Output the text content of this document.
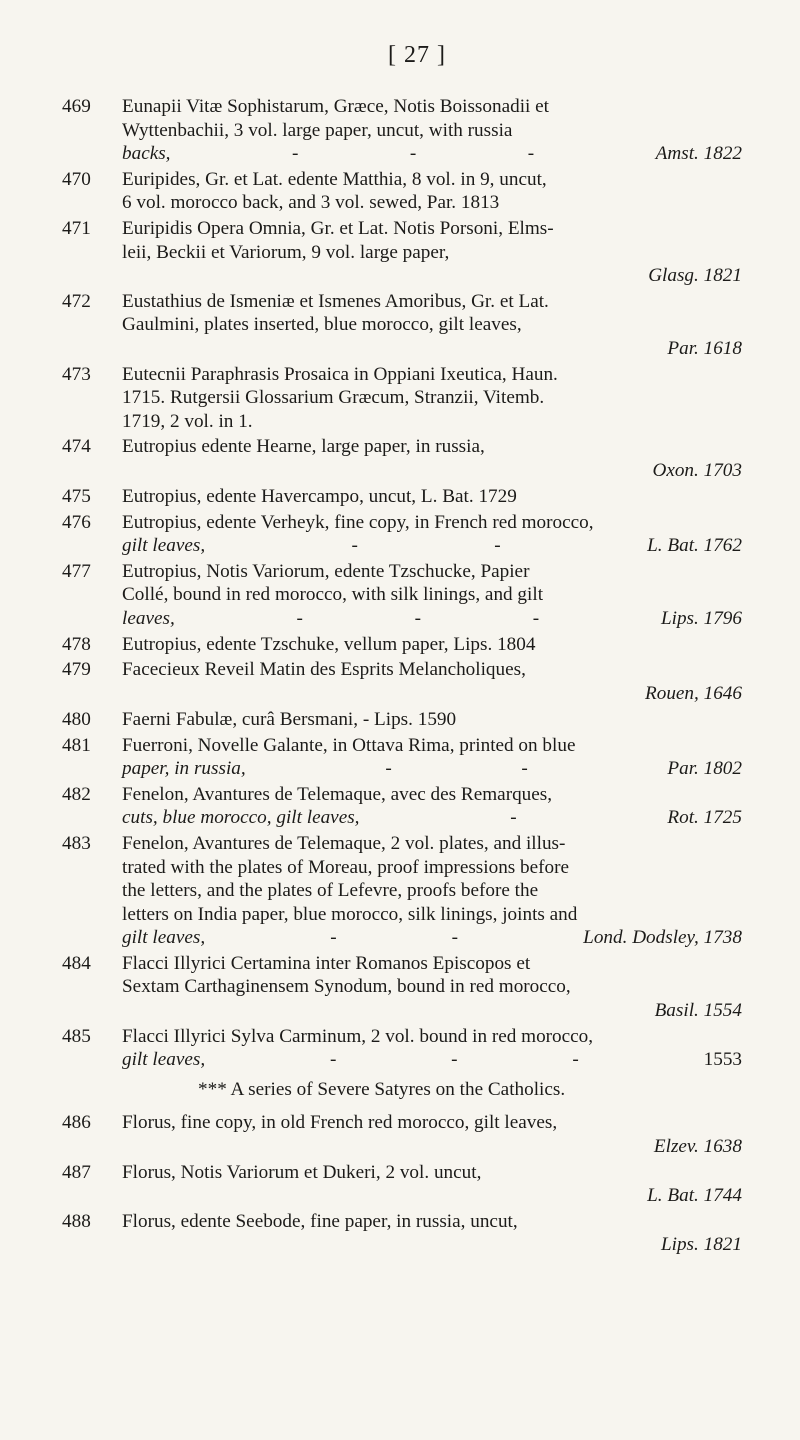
[ 27 ]
469	Eunapii Vitæ Sophistarum, Græce, Notis Boissonadii et
Wyttenbachii, 3 vol. large paper, uncut, with russia
backs,	-	-	-	Amst. 1822
470	Euripides, Gr. et Lat. edente Matthia, 8 vol. in 9, uncut,
6 vol. morocco back, and 3 vol. sewed, Par. 1813
471	Euripidis Opera Omnia, Gr. et Lat. Notis Porsoni, Elms-
leii, Beckii et Variorum, 9 vol. large paper,
Glasg. 1821
472	Eustathius de Ismeniæ et Ismenes Amoribus, Gr. et Lat.
Gaulmini, plates inserted, blue morocco, gilt leaves,
Par. 1618
473	Eutecnii Paraphrasis Prosaica in Oppiani Ixeutica, Haun.
1715. Rutgersii Glossarium Græcum, Stranzii, Vitemb.
1719, 2 vol. in 1.
474	Eutropius edente Hearne, large paper, in russia,
Oxon. 1703
475	Eutropius, edente Havercampo, uncut, L. Bat. 1729
476	Eutropius, edente Verheyk, fine copy, in French red morocco,
gilt leaves,	-	-	L. Bat. 1762
477	Eutropius, Notis Variorum, edente Tzschucke, Papier
Collé, bound in red morocco, with silk linings, and gilt
leaves,	-	-	-	Lips. 1796
478	Eutropius, edente Tzschuke, vellum paper, Lips. 1804
479	Facecieux Reveil Matin des Esprits Melancholiques,
Rouen, 1646
480	Faerni Fabulæ, curâ Bersmani, - Lips. 1590
481	Fuerroni, Novelle Galante, in Ottava Rima, printed on blue
paper, in russia,	-	-	Par. 1802
482	Fenelon, Avantures de Telemaque, avec des Remarques,
cuts, blue morocco, gilt leaves,	-	Rot. 1725
483	Fenelon, Avantures de Telemaque, 2 vol. plates, and illus-
trated with the plates of Moreau, proof impressions before
the letters, and the plates of Lefevre, proofs before the
letters on India paper, blue morocco, silk linings, joints and
gilt leaves,	-	-	Lond. Dodsley, 1738
484	Flacci Illyrici Certamina inter Romanos Episcopos et
Sextam Carthaginensem Synodum, bound in red morocco,
Basil. 1554
485	Flacci Illyrici Sylva Carminum, 2 vol. bound in red morocco,
gilt leaves,	-	-	-	1553
*** A series of Severe Satyres on the Catholics.
486	Florus, fine copy, in old French red morocco, gilt leaves,
Elzev. 1638
487	Florus, Notis Variorum et Dukeri, 2 vol. uncut,
L. Bat. 1744
488	Florus, edente Seebode, fine paper, in russia, uncut,
Lips. 1821
